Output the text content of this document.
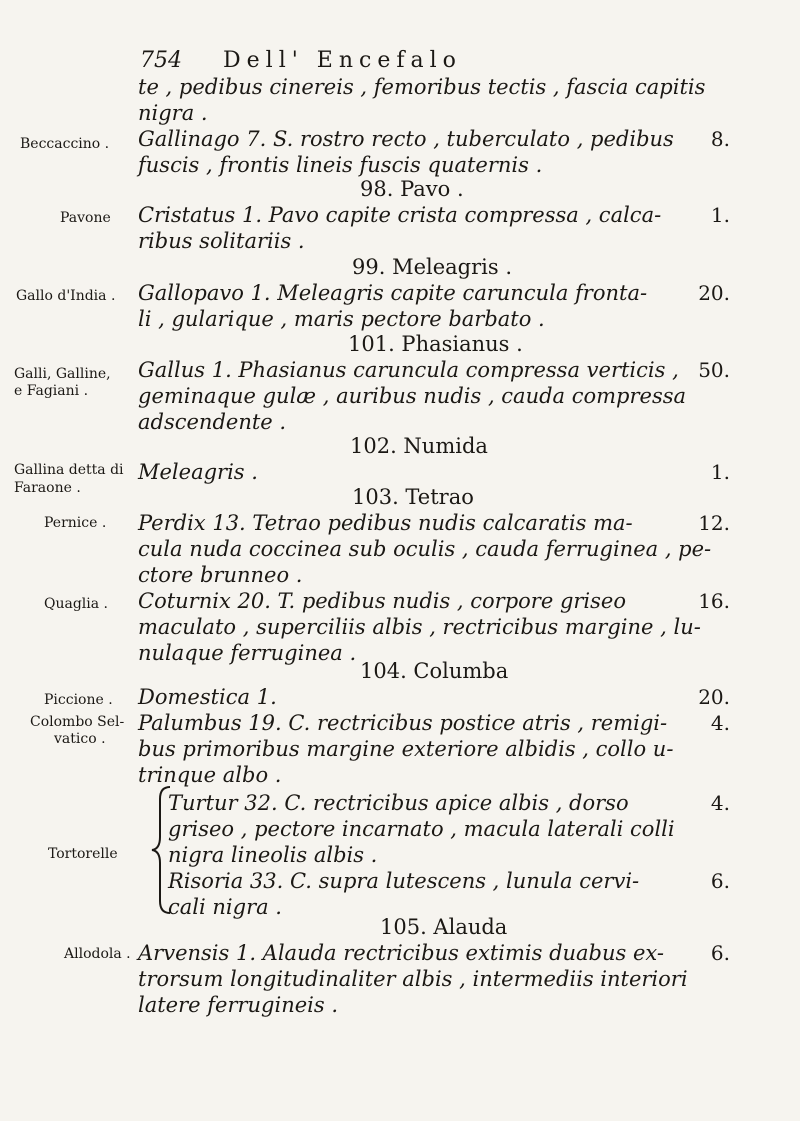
754 Dell' Encefalo
te , pedibus cinereis , femoribus tectis , fascia capitis
nigra .
Gallinago 7. S. rostro recto , tuberculato , pedibus
fuscis , frontis lineis fuscis quaternis .
98. Pavo .
Cristatus 1. Pavo capite crista compressa , calca-
ribus solitariis .
99. Meleagris .
Gallopavo 1. Meleagris capite caruncula fronta-
li , gularique , maris pectore barbato .
101. Phasianus .
Gallus 1. Phasianus caruncula compressa verticis ,
geminaque gulæ , auribus nudis , cauda compressa
adscendente .
102. Numida
Meleagris .
103. Tetrao
Perdix 13. Tetrao pedibus nudis calcaratis ma-
cula nuda coccinea sub oculis , cauda ferruginea , pe-
ctore brunneo .
Coturnix 20. T. pedibus nudis , corpore griseo
maculato , superciliis albis , rectricibus margine , lu-
nulaque ferruginea .
104. Columba
Domestica 1.
Palumbus 19. C. rectricibus postice atris , remigi-
bus primoribus margine exteriore albidis , collo u-
trinque albo .
Turtur 32. C. rectricibus apice albis , dorso
griseo , pectore incarnato , macula laterali colli
nigra lineolis albis .
Risoria 33. C. supra lutescens , lunula cervi-
cali nigra .
105. Alauda
Arvensis 1. Alauda rectricibus extimis duabus ex-
trorsum longitudinaliter albis , intermediis interiori
latere ferrugineis .
Beccaccino .
Pavone
Gallo d'India .
Galli, Galline,
e Fagiani .
Gallina detta di
Faraone .
Pernice .
Quaglia .
Piccione .
Colombo Sel-
vatico .
Tortorelle
Allodola .
8.
1.
20.
50.
1.
12.
16.
20.
4.
4.
6.
6.
